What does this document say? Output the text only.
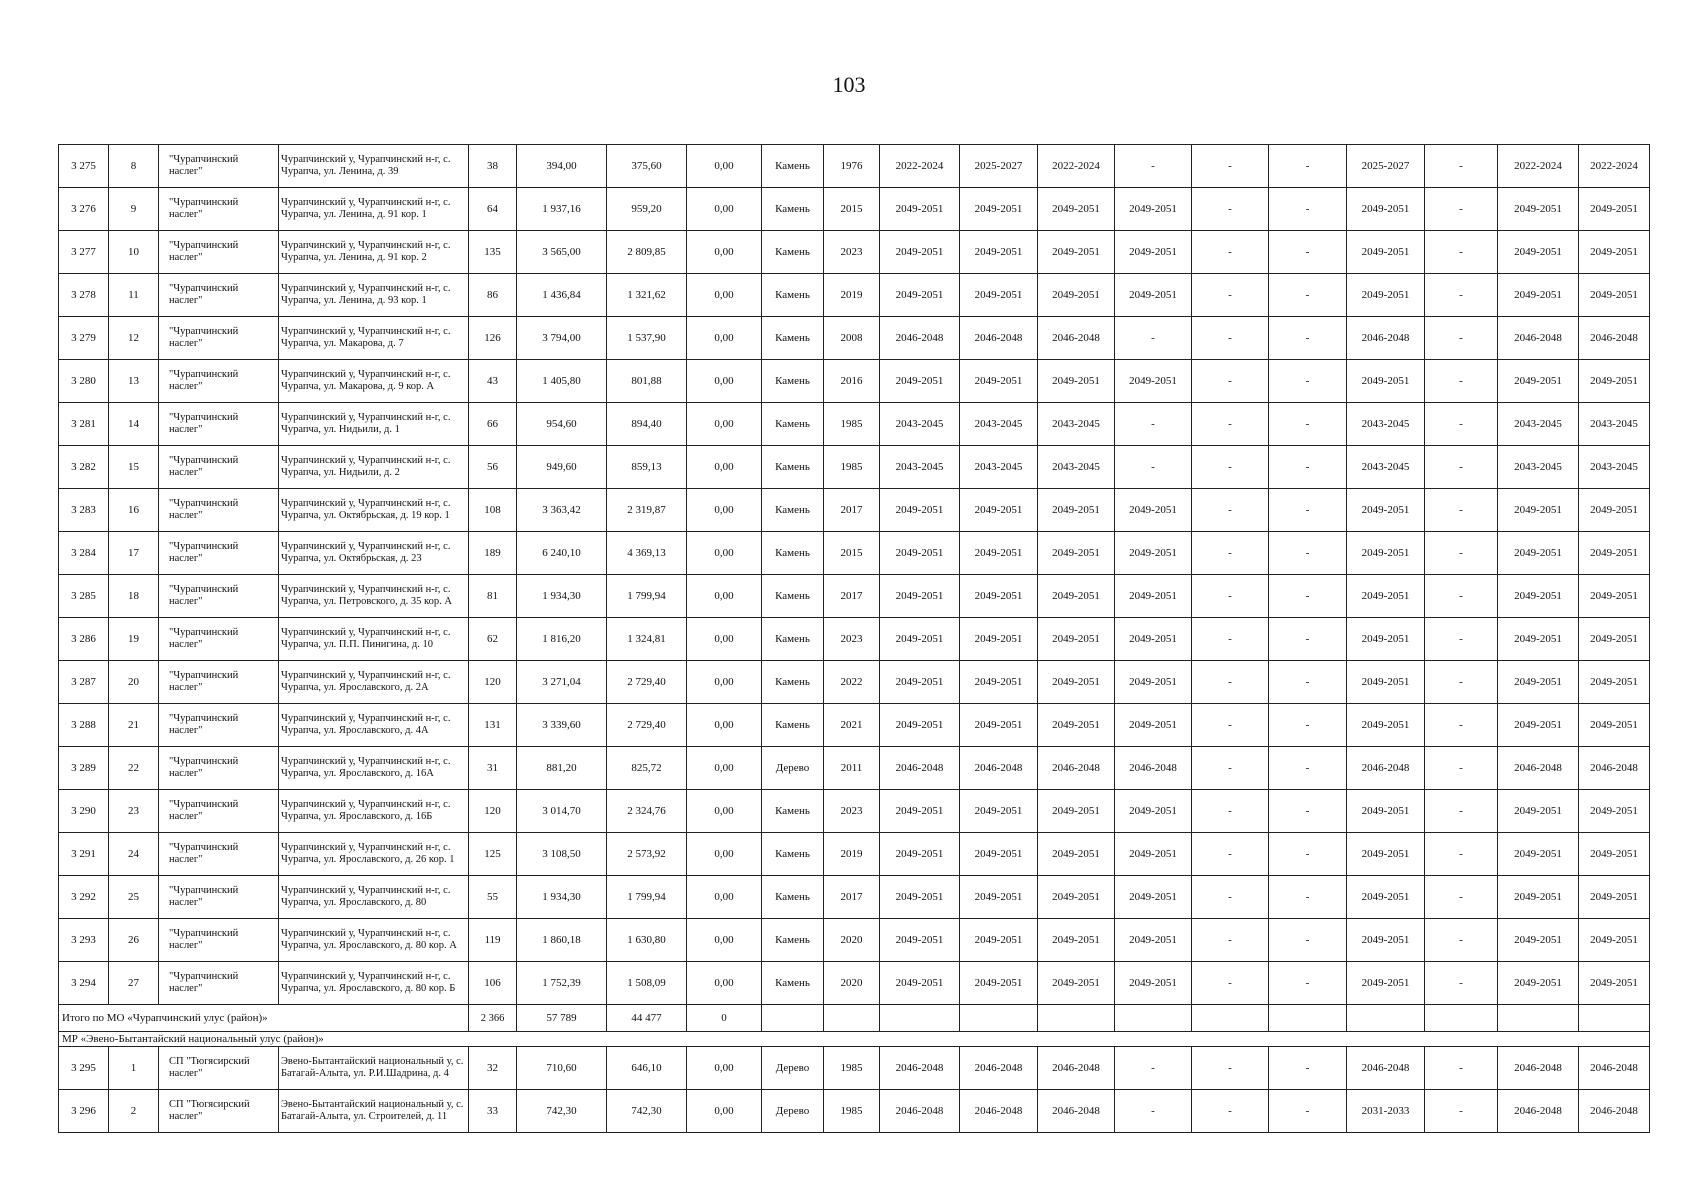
103
3 275	8	"Чурапчинский наслег"	Чурапчинский у, Чурапчинский н-г, с. Чурапча, ул. Ленина, д. 39	38	394,00	375,60	0,00	Камень	1976	2022-2024	2025-2027	2022-2024	-	-	-	2025-2027	-	2022-2024	2022-2024
3 276	9	"Чурапчинский наслег"	Чурапчинский у, Чурапчинский н-г, с. Чурапча, ул. Ленина, д. 91 кор. 1	64	1 937,16	959,20	0,00	Камень	2015	2049-2051	2049-2051	2049-2051	2049-2051	-	-	2049-2051	-	2049-2051	2049-2051
3 277	10	"Чурапчинский наслег"	Чурапчинский у, Чурапчинский н-г, с. Чурапча, ул. Ленина, д. 91 кор. 2	135	3 565,00	2 809,85	0,00	Камень	2023	2049-2051	2049-2051	2049-2051	2049-2051	-	-	2049-2051	-	2049-2051	2049-2051
3 278	11	"Чурапчинский наслег"	Чурапчинский у, Чурапчинский н-г, с. Чурапча, ул. Ленина, д. 93 кор. 1	86	1 436,84	1 321,62	0,00	Камень	2019	2049-2051	2049-2051	2049-2051	2049-2051	-	-	2049-2051	-	2049-2051	2049-2051
3 279	12	"Чурапчинский наслег"	Чурапчинский у, Чурапчинский н-г, с. Чурапча, ул. Макарова, д. 7	126	3 794,00	1 537,90	0,00	Камень	2008	2046-2048	2046-2048	2046-2048	-	-	-	2046-2048	-	2046-2048	2046-2048
3 280	13	"Чурапчинский наслег"	Чурапчинский у, Чурапчинский н-г, с. Чурапча, ул. Макарова, д. 9 кор. А	43	1 405,80	801,88	0,00	Камень	2016	2049-2051	2049-2051	2049-2051	2049-2051	-	-	2049-2051	-	2049-2051	2049-2051
3 281	14	"Чурапчинский наслег"	Чурапчинский у, Чурапчинский н-г, с. Чурапча, ул. Нидьили, д. 1	66	954,60	894,40	0,00	Камень	1985	2043-2045	2043-2045	2043-2045	-	-	-	2043-2045	-	2043-2045	2043-2045
3 282	15	"Чурапчинский наслег"	Чурапчинский у, Чурапчинский н-г, с. Чурапча, ул. Нидьили, д. 2	56	949,60	859,13	0,00	Камень	1985	2043-2045	2043-2045	2043-2045	-	-	-	2043-2045	-	2043-2045	2043-2045
3 283	16	"Чурапчинский наслег"	Чурапчинский у, Чурапчинский н-г, с. Чурапча, ул. Октябрьская, д. 19 кор. 1	108	3 363,42	2 319,87	0,00	Камень	2017	2049-2051	2049-2051	2049-2051	2049-2051	-	-	2049-2051	-	2049-2051	2049-2051
3 284	17	"Чурапчинский наслег"	Чурапчинский у, Чурапчинский н-г, с. Чурапча, ул. Октябрьская, д. 23	189	6 240,10	4 369,13	0,00	Камень	2015	2049-2051	2049-2051	2049-2051	2049-2051	-	-	2049-2051	-	2049-2051	2049-2051
3 285	18	"Чурапчинский наслег"	Чурапчинский у, Чурапчинский н-г, с. Чурапча, ул. Петровского, д. 35 кор. А	81	1 934,30	1 799,94	0,00	Камень	2017	2049-2051	2049-2051	2049-2051	2049-2051	-	-	2049-2051	-	2049-2051	2049-2051
3 286	19	"Чурапчинский наслег"	Чурапчинский у, Чурапчинский н-г, с. Чурапча, ул. П.П. Пинигина, д. 10	62	1 816,20	1 324,81	0,00	Камень	2023	2049-2051	2049-2051	2049-2051	2049-2051	-	-	2049-2051	-	2049-2051	2049-2051
3 287	20	"Чурапчинский наслег"	Чурапчинский у, Чурапчинский н-г, с. Чурапча, ул. Ярославского, д. 2А	120	3 271,04	2 729,40	0,00	Камень	2022	2049-2051	2049-2051	2049-2051	2049-2051	-	-	2049-2051	-	2049-2051	2049-2051
3 288	21	"Чурапчинский наслег"	Чурапчинский у, Чурапчинский н-г, с. Чурапча, ул. Ярославского, д. 4А	131	3 339,60	2 729,40	0,00	Камень	2021	2049-2051	2049-2051	2049-2051	2049-2051	-	-	2049-2051	-	2049-2051	2049-2051
3 289	22	"Чурапчинский наслег"	Чурапчинский у, Чурапчинский н-г, с. Чурапча, ул. Ярославского, д. 16А	31	881,20	825,72	0,00	Дерево	2011	2046-2048	2046-2048	2046-2048	2046-2048	-	-	2046-2048	-	2046-2048	2046-2048
3 290	23	"Чурапчинский наслег"	Чурапчинский у, Чурапчинский н-г, с. Чурапча, ул. Ярославского, д. 16Б	120	3 014,70	2 324,76	0,00	Камень	2023	2049-2051	2049-2051	2049-2051	2049-2051	-	-	2049-2051	-	2049-2051	2049-2051
3 291	24	"Чурапчинский наслег"	Чурапчинский у, Чурапчинский н-г, с. Чурапча, ул. Ярославского, д. 26 кор. 1	125	3 108,50	2 573,92	0,00	Камень	2019	2049-2051	2049-2051	2049-2051	2049-2051	-	-	2049-2051	-	2049-2051	2049-2051
3 292	25	"Чурапчинский наслег"	Чурапчинский у, Чурапчинский н-г, с. Чурапча, ул. Ярославского, д. 80	55	1 934,30	1 799,94	0,00	Камень	2017	2049-2051	2049-2051	2049-2051	2049-2051	-	-	2049-2051	-	2049-2051	2049-2051
3 293	26	"Чурапчинский наслег"	Чурапчинский у, Чурапчинский н-г, с. Чурапча, ул. Ярославского, д. 80 кор. А	119	1 860,18	1 630,80	0,00	Камень	2020	2049-2051	2049-2051	2049-2051	2049-2051	-	-	2049-2051	-	2049-2051	2049-2051
3 294	27	"Чурапчинский наслег"	Чурапчинский у, Чурапчинский н-г, с. Чурапча, ул. Ярославского, д. 80 кор. Б	106	1 752,39	1 508,09	0,00	Камень	2020	2049-2051	2049-2051	2049-2051	2049-2051	-	-	2049-2051	-	2049-2051	2049-2051
Итого по МО «Чурапчинский улус (район)»				2 366	57 789	44 477	0												
МР «Эвено-Бытантайский национальный улус (район)»																			
3 295	1	СП "Тюгясирский наслег"	Эвено-Бытантайский национальный у, с. Батагай-Алыта, ул. Р.И.Шадрина, д. 4	32	710,60	646,10	0,00	Дерево	1985	2046-2048	2046-2048	2046-2048	-	-	-	2046-2048	-	2046-2048	2046-2048
3 296	2	СП "Тюгясирский наслег"	Эвено-Бытантайский национальный у, с. Батагай-Алыта, ул. Строителей, д. 11	33	742,30	742,30	0,00	Дерево	1985	2046-2048	2046-2048	2046-2048	-	-	-	2031-2033	-	2046-2048	2046-2048
